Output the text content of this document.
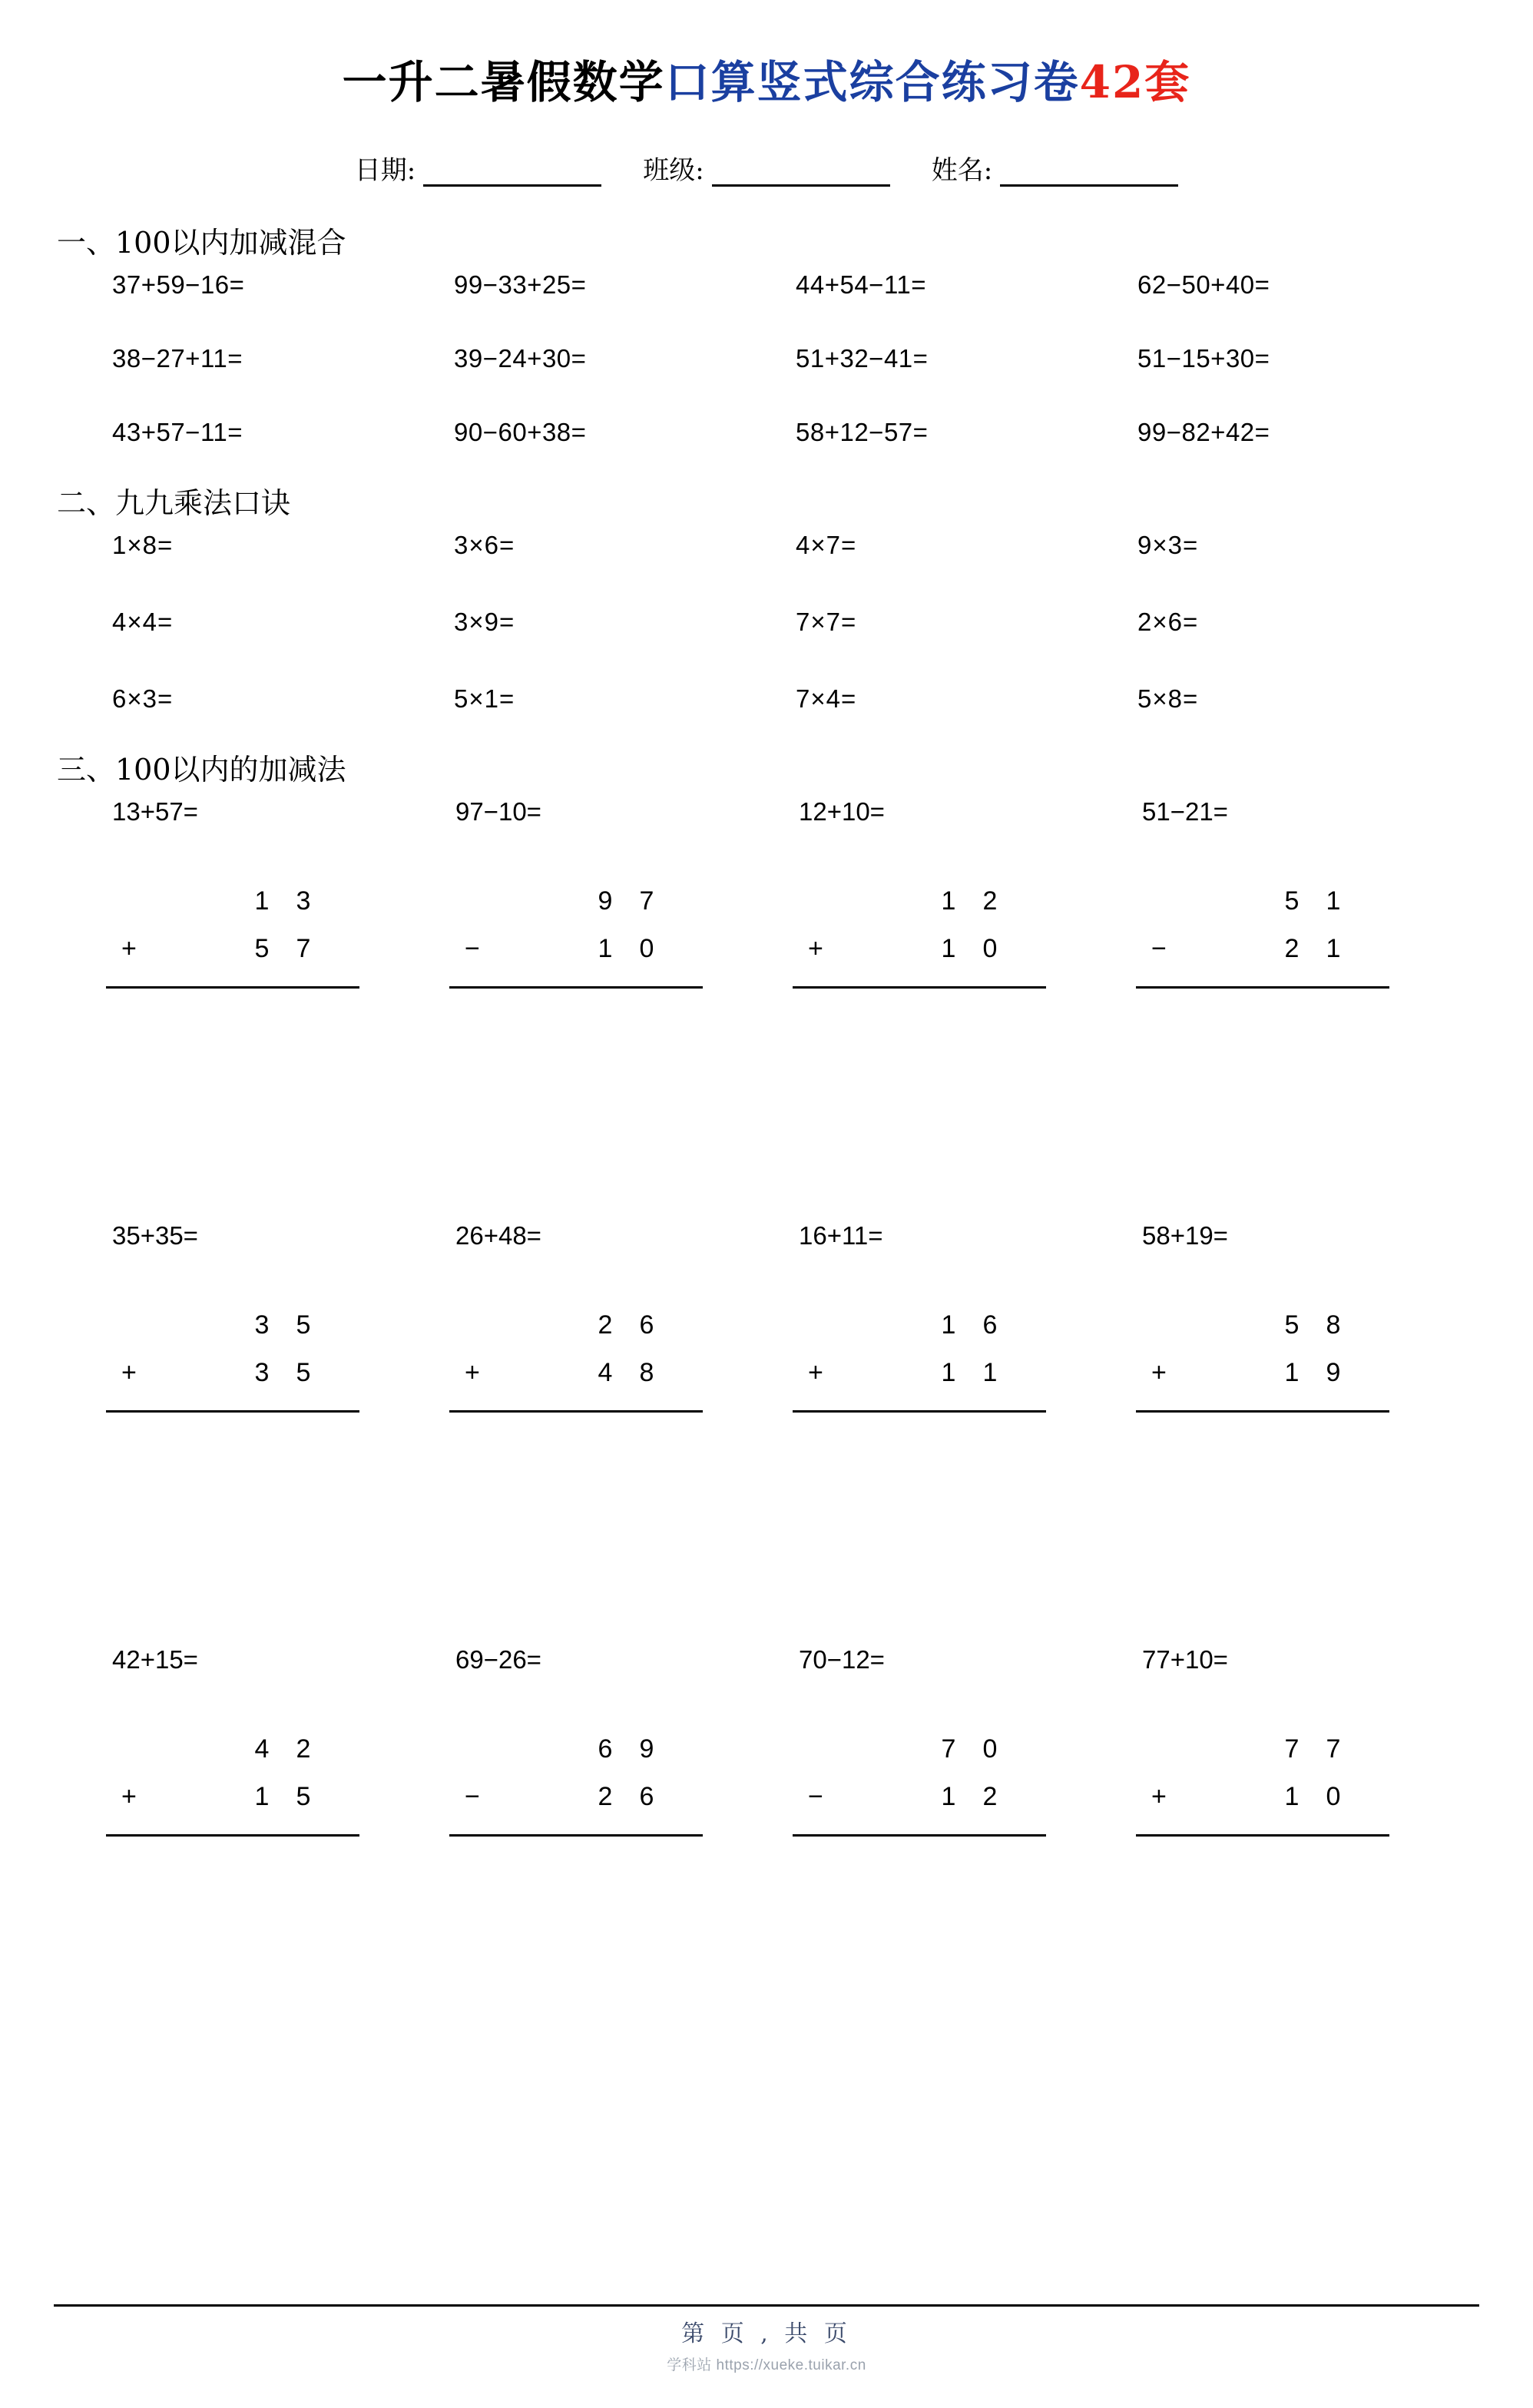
一升二暑假数学口算竖式综合练习卷42套
日期:	班级:	姓名:
一、100以内加减混合
37+59−16=	99−33+25=	44+54−11=	62−50+40=
38−27+11=	39−24+30=	51+32−41=	51−15+30=
43+57−11=	90−60+38=	58+12−57=	99−82+42=
二、九九乘法口诀
1×8=	3×6=	4×7=	9×3=
4×4=	3×9=	7×7=	2×6=
6×3=	5×1=	7×4=	5×8=
三、100以内的加减法
13+57=
1	3
+	5	7
97−10=
9	7
−	1	0
12+10=
1	2
+	1	0
51−21=
5	1
−	2	1
35+35=
3	5
+	3	5
26+48=
2	6
+	4	8
16+11=
1	6
+	1	1
58+19=
5	8
+	1	9
42+15=
4	2
+	1	5
69−26=
6	9
−	2	6
70−12=
7	0
−	1	2
77+10=
7	7
+	1	0
第 页 , 共 页
学科站 https://xueke.tuikar.cn
